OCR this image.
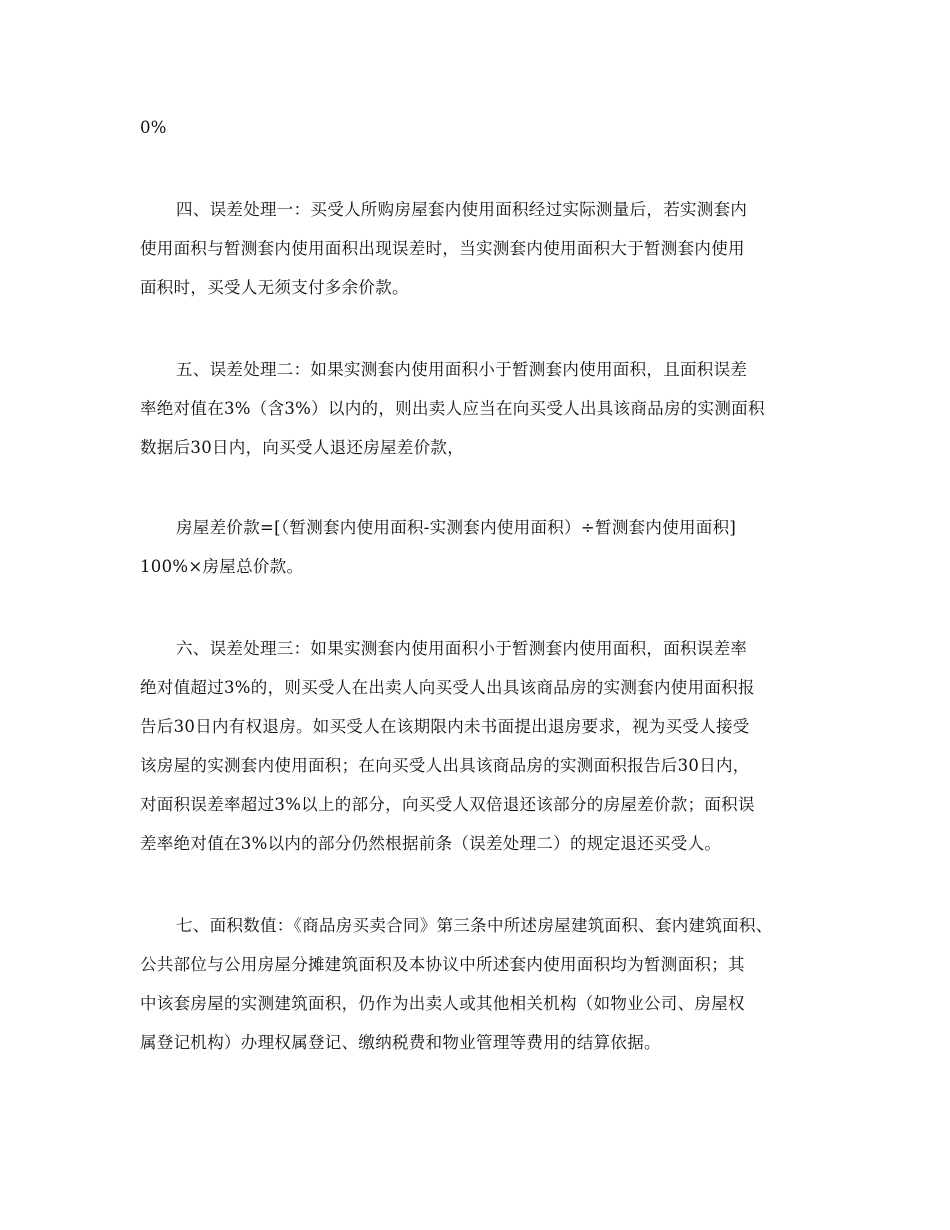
0%
四、误差处理一：买受人所购房屋套内使用面积经过实际测量后，若实测套内
使用面积与暂测套内使用面积出现误差时，当实测套内使用面积大于暂测套内使用
面积时，买受人无须支付多余价款。
五、误差处理二：如果实测套内使用面积小于暂测套内使用面积，且面积误差
率绝对值在3%（含3%）以内的，则出卖人应当在向买受人出具该商品房的实测面积
数据后30日内，向买受人退还房屋差价款，
房屋差价款=[（暂测套内使用面积-实测套内使用面积）÷暂测套内使用面积]
100%×房屋总价款。
六、误差处理三：如果实测套内使用面积小于暂测套内使用面积，面积误差率
绝对值超过3%的，则买受人在出卖人向买受人出具该商品房的实测套内使用面积报
告后30日内有权退房。如买受人在该期限内未书面提出退房要求，视为买受人接受
该房屋的实测套内使用面积；在向买受人出具该商品房的实测面积报告后30日内，
对面积误差率超过3%以上的部分，向买受人双倍退还该部分的房屋差价款；面积误
差率绝对值在3%以内的部分仍然根据前条（误差处理二）的规定退还买受人。
七、面积数值：《商品房买卖合同》第三条中所述房屋建筑面积、套内建筑面积、
公共部位与公用房屋分摊建筑面积及本协议中所述套内使用面积均为暂测面积；其
中该套房屋的实测建筑面积，仍作为出卖人或其他相关机构（如物业公司、房屋权
属登记机构）办理权属登记、缴纳税费和物业管理等费用的结算依据。
